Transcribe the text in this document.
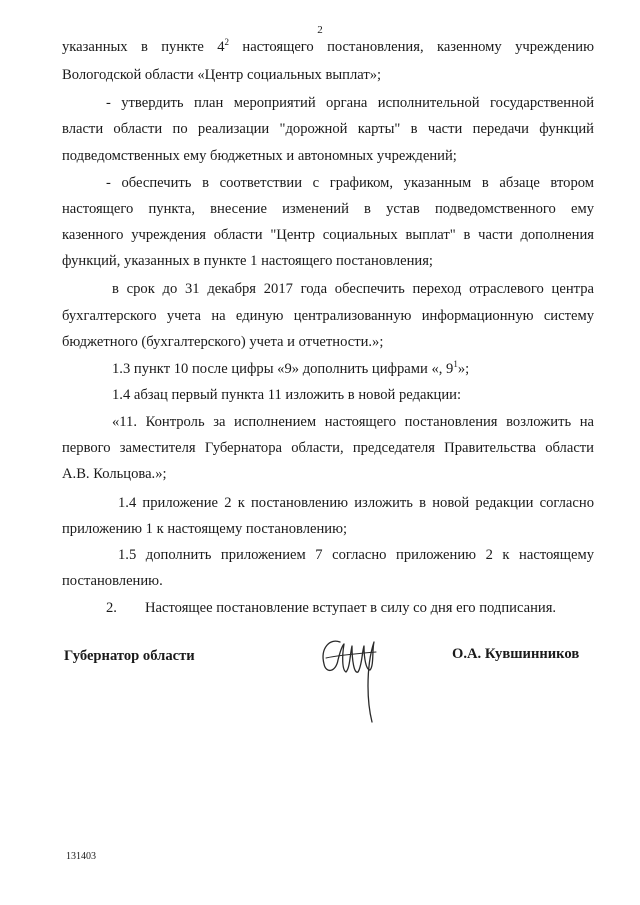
2
указанных в пункте $4^2$ настоящего постановления, казенному учреждению
Вологодской области «Центр социальных выплат»;
- утвердить план мероприятий органа исполнительной государственной
власти области по реализации "дорожной карты" в части передачи функций
подведомственных ему бюджетных и автономных учреждений;
- обеспечить в соответствии с графиком, указанным в абзаце втором
настоящего пункта, внесение изменений в устав подведомственного ему
казенного учреждения области "Центр социальных выплат" в части дополнения
функций, указанных в пункте 1 настоящего постановления;
в срок до 31 декабря 2017 года обеспечить переход отраслевого центра
бухгалтерского учета на единую централизованную информационную систему
бюджетного (бухгалтерского) учета и отчетности.»;
1.3 пункт 10 после цифры «9» дополнить цифрами «, $9^1$»;
1.4 абзац первый пункта 11 изложить в новой редакции:
«11. Контроль за исполнением настоящего постановления возложить на
первого заместителя Губернатора области, председателя Правительства области
А.В. Кольцова.»;
1.4 приложение 2 к постановлению изложить в новой редакции согласно
приложению 1 к настоящему постановлению;
1.5 дополнить приложением 7 согласно приложению 2 к настоящему
постановлению.
2. Настоящее постановление вступает в силу со дня его подписания.
Губернатор области	О.А. Кувшинников
131403
